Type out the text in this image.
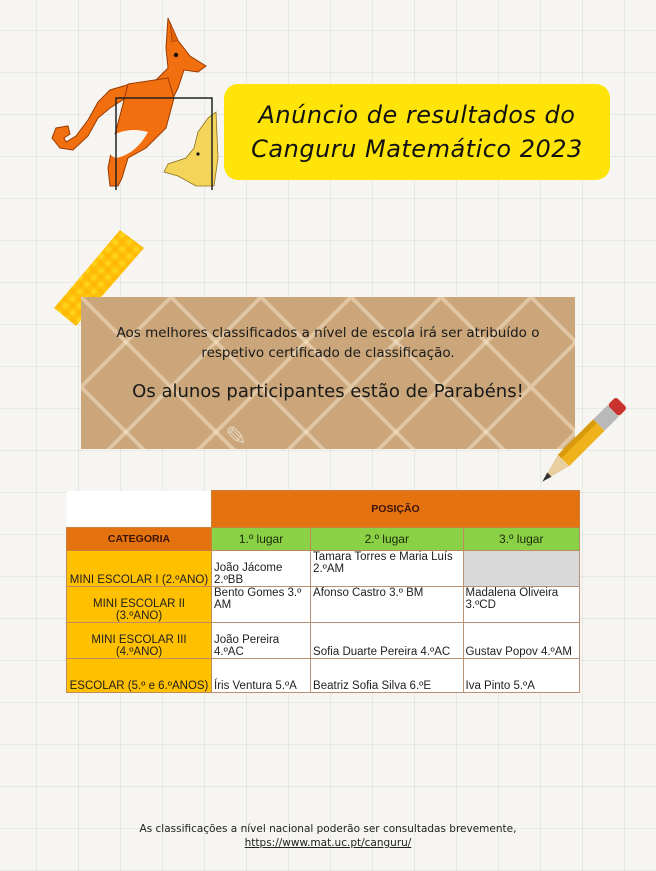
Anúncio de resultados do
Canguru Matemático 2023
Aos melhores classificados a nível de escola irá ser atribuído o respetivo certificado de classificação.
Os alunos participantes estão de Parabéns!
✎
	POSIÇÃO		
CATEGORIA	1.º lugar	2.º lugar	3.º lugar
MINI ESCOLAR I (2.ºANO)	João Jácome 2.ºBB	Tamara Torres e Maria Luís 2.ºAM	
MINI ESCOLAR II (3.ºANO)	Bento Gomes 3.º AM	Afonso Castro 3.º BM	Madalena Oliveira 3.ºCD
MINI ESCOLAR III (4.ºANO)	João Pereira 4.ºAC	Sofia Duarte Pereira 4.ºAC	Gustav Popov 4.ºAM
ESCOLAR (5.º e 6.ºANOS)	Íris Ventura 5.ºA	Beatriz Sofia Silva 6.ºE	Iva Pinto 5.ºA
As classificações a nível nacional poderão ser consultadas brevemente,
https://www.mat.uc.pt/canguru/
